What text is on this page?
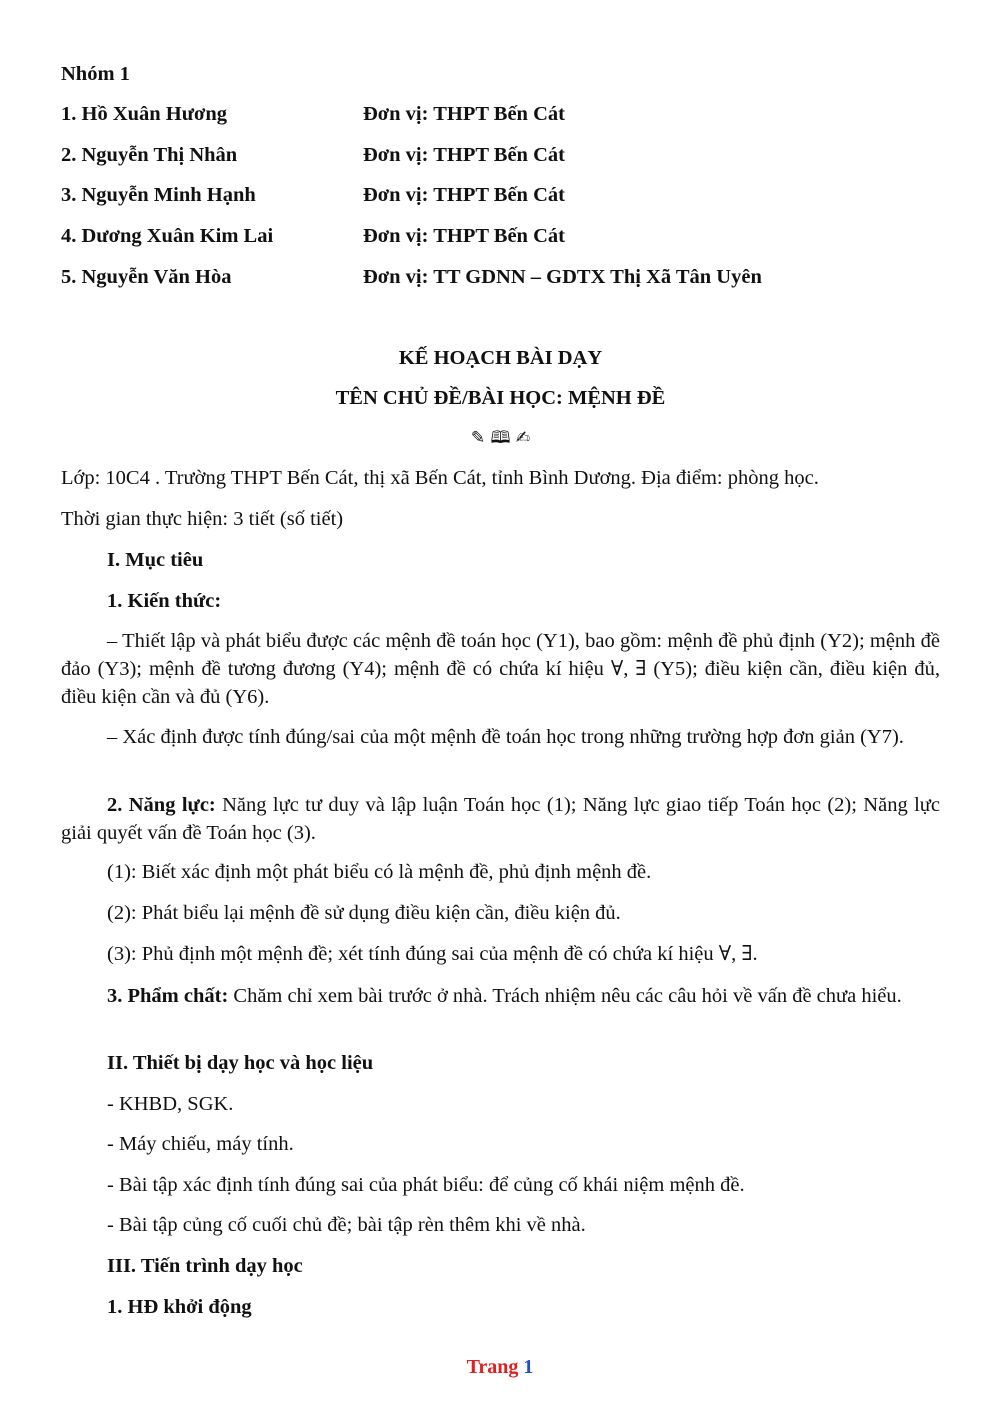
Nhóm 1
1. Hồ Xuân Hương	Đơn vị: THPT Bến Cát
2. Nguyễn Thị Nhân	Đơn vị: THPT Bến Cát
3. Nguyễn Minh Hạnh	Đơn vị: THPT Bến Cát
4. Dương Xuân Kim Lai	Đơn vị: THPT Bến Cát
5. Nguyễn Văn Hòa	Đơn vị: TT GDNN – GDTX Thị Xã Tân Uyên
KẾ HOẠCH BÀI DẠY
TÊN CHỦ ĐỀ/BÀI HỌC: MỆNH ĐỀ
✎ 🕮 ✍
Lớp: 10C4 . Trường THPT Bến Cát, thị xã Bến Cát, tỉnh Bình Dương. Địa điểm: phòng học.
Thời gian thực hiện: 3 tiết (số tiết)
I. Mục tiêu
1. Kiến thức:
– Thiết lập và phát biểu được các mệnh đề toán học (Y1), bao gồm: mệnh đề phủ định (Y2); mệnh đề đảo (Y3); mệnh đề tương đương (Y4); mệnh đề có chứa kí hiệu ∀, ∃ (Y5); điều kiện cần, điều kiện đủ, điều kiện cần và đủ (Y6).
– Xác định được tính đúng/sai của một mệnh đề toán học trong những trường hợp đơn giản (Y7).
2. Năng lực: Năng lực tư duy và lập luận Toán học (1); Năng lực giao tiếp Toán học (2); Năng lực giải quyết vấn đề Toán học (3).
(1): Biết xác định một phát biểu có là mệnh đề, phủ định mệnh đề.
(2): Phát biểu lại mệnh đề sử dụng điều kiện cần, điều kiện đủ.
(3): Phủ định một mệnh đề; xét tính đúng sai của mệnh đề có chứa kí hiệu ∀, ∃.
3. Phẩm chất: Chăm chỉ xem bài trước ở nhà. Trách nhiệm nêu các câu hỏi về vấn đề chưa hiểu.
II. Thiết bị dạy học và học liệu
- KHBD, SGK.
- Máy chiếu, máy tính.
- Bài tập xác định tính đúng sai của phát biểu: để củng cố khái niệm mệnh đề.
- Bài tập củng cố cuối chủ đề; bài tập rèn thêm khi về nhà.
III. Tiến trình dạy học
1. HĐ khởi động
Trang 1
